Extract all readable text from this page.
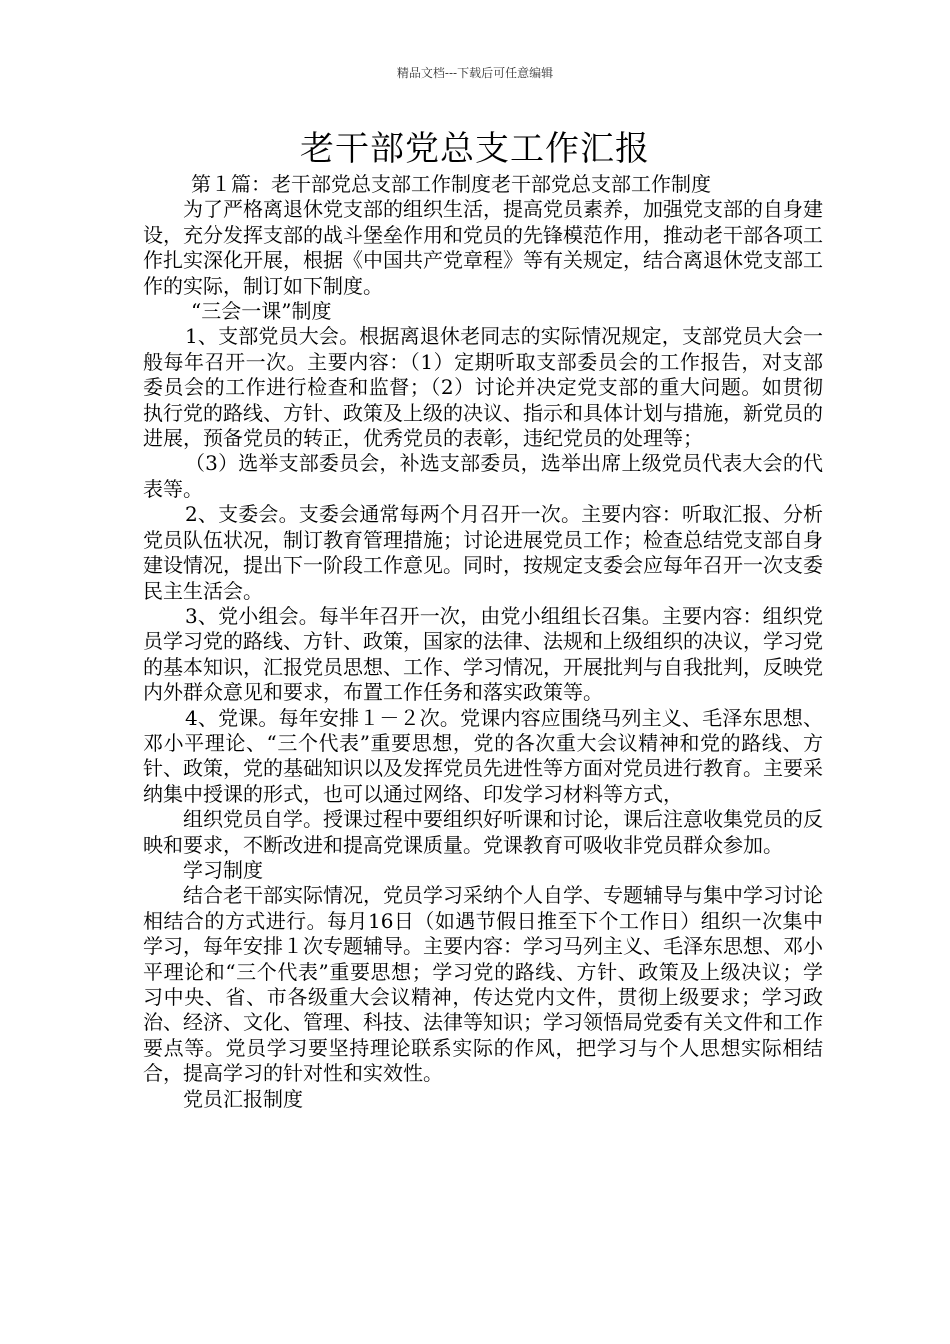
精品文档---下载后可任意编辑
老干部党总支工作汇报

第１篇：老干部党总支部工作制度老干部党总支部工作制度

为了严格离退休党支部的组织生活，提高党员素养，加强党支部的自身建设，充分发挥支部的战斗堡垒作用和党员的先锋模范作用，推动老干部各项工作扎实深化开展，根据《中国共产党章程》等有关规定，结合离退休党支部工作的实际，制订如下制度。

“三会一课”制度

1、支部党员大会。根据离退休老同志的实际情况规定，支部党员大会一般每年召开一次。主要内容：（1）定期听取支部委员会的工作报告，对支部委员会的工作进行检查和监督；（2）讨论并决定党支部的重大问题。如贯彻执行党的路线、方针、政策及上级的决议、指示和具体计划与措施，新党员的进展，预备党员的转正，优秀党员的表彰，违纪党员的处理等；

（3）选举支部委员会，补选支部委员，选举出席上级党员代表大会的代表等。

2、支委会。支委会通常每两个月召开一次。主要内容：听取汇报、分析党员队伍状况，制订教育管理措施；讨论进展党员工作；检查总结党支部自身建设情况，提出下一阶段工作意见。同时，按规定支委会应每年召开一次支委民主生活会。

3、党小组会。每半年召开一次，由党小组组长召集。主要内容：组织党员学习党的路线、方针、政策，国家的法律、法规和上级组织的决议，学习党的基本知识，汇报党员思想、工作、学习情况，开展批判与自我批判，反映党内外群众意见和要求，布置工作任务和落实政策等。

4、党课。每年安排１－２次。党课内容应围绕马列主义、毛泽东思想、邓小平理论、“三个代表”重要思想，党的各次重大会议精神和党的路线、方针、政策，党的基础知识以及发挥党员先进性等方面对党员进行教育。主要采纳集中授课的形式，也可以通过网络、印发学习材料等方式，

组织党员自学。授课过程中要组织好听课和讨论，课后注意收集党员的反映和要求，不断改进和提高党课质量。党课教育可吸收非党员群众参加。

学习制度

结合老干部实际情况，党员学习采纳个人自学、专题辅导与集中学习讨论相结合的方式进行。每月16日（如遇节假日推至下个工作日）组织一次集中学习，每年安排１次专题辅导。主要内容：学习马列主义、毛泽东思想、邓小平理论和“三个代表”重要思想；学习党的路线、方针、政策及上级决议；学习中央、省、市各级重大会议精神，传达党内文件，贯彻上级要求；学习政治、经济、文化、管理、科技、法律等知识；学习领悟局党委有关文件和工作要点等。党员学习要坚持理论联系实际的作风，把学习与个人思想实际相结合，提高学习的针对性和实效性。

党员汇报制度
